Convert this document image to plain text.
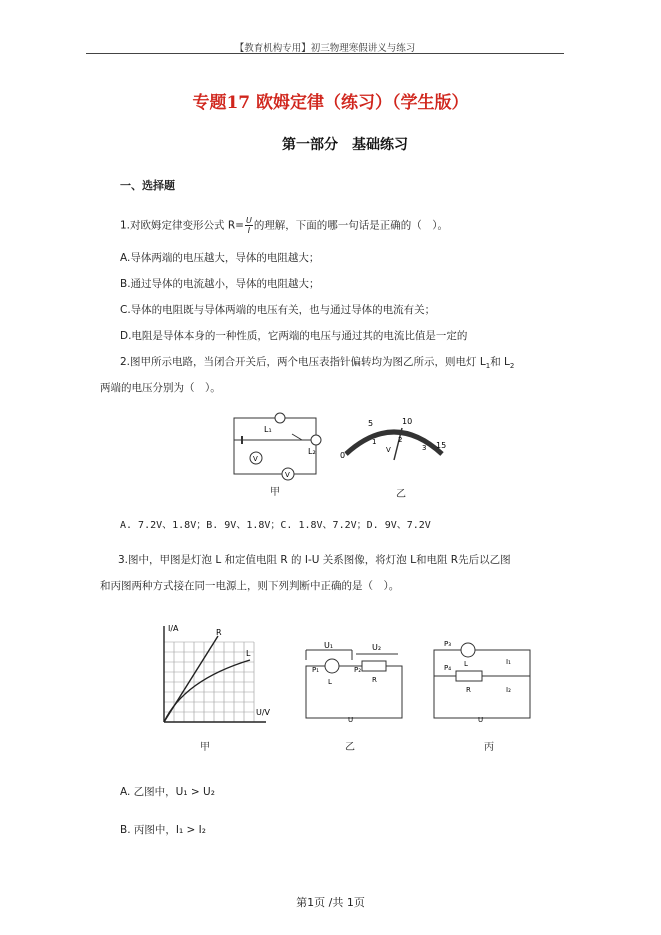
【教育机构专用】初三物理寒假讲义与练习
专题17 欧姆定律（练习）（学生版）
第一部分　基础练习
一、选择题
1.对欧姆定律变形公式 $R= \frac{U}{I}$ 的理解，下面的哪一句话是正确的（　）。
A.导体两端的电压越大，导体的电阻越大；
B.通过导体的电流越小，导体的电阻越大；
C.导体的电阻既与导体两端的电压有关，也与通过导体的电流有关；
D.电阻是导体本身的一种性质，它两端的电压与通过其的电流比值是一定的
2.图甲所示电路，当闭合开关后，两个电压表指针偏转均为图乙所示，则电灯 $L_1$和 $L_2$
两端的电压分别为（　）。
L₁
L₂
V
V
甲
0
5	10
15
1	2
3
V
乙
A. 7.2V、1.8V；B. 9V、1.8V；C. 1.8V、7.2V；D. 9V、7.2V
3.图中，甲图是灯泡 L 和定值电阻 R 的 I-U 关系图像，将灯泡 L和电阻 R先后以乙图
和丙图两种方式接在同一电源上，则下列判断中正确的是（　）。
I/A	R
L
U/V
甲
U₁	U₂
P₁
L
P₂
R
U
乙
P₃
L	I₁
P₄
R	I₂
U
丙
A. 乙图中，U₁ > U₂
B. 丙图中，I₁ > I₂
第1页 /共 1页
